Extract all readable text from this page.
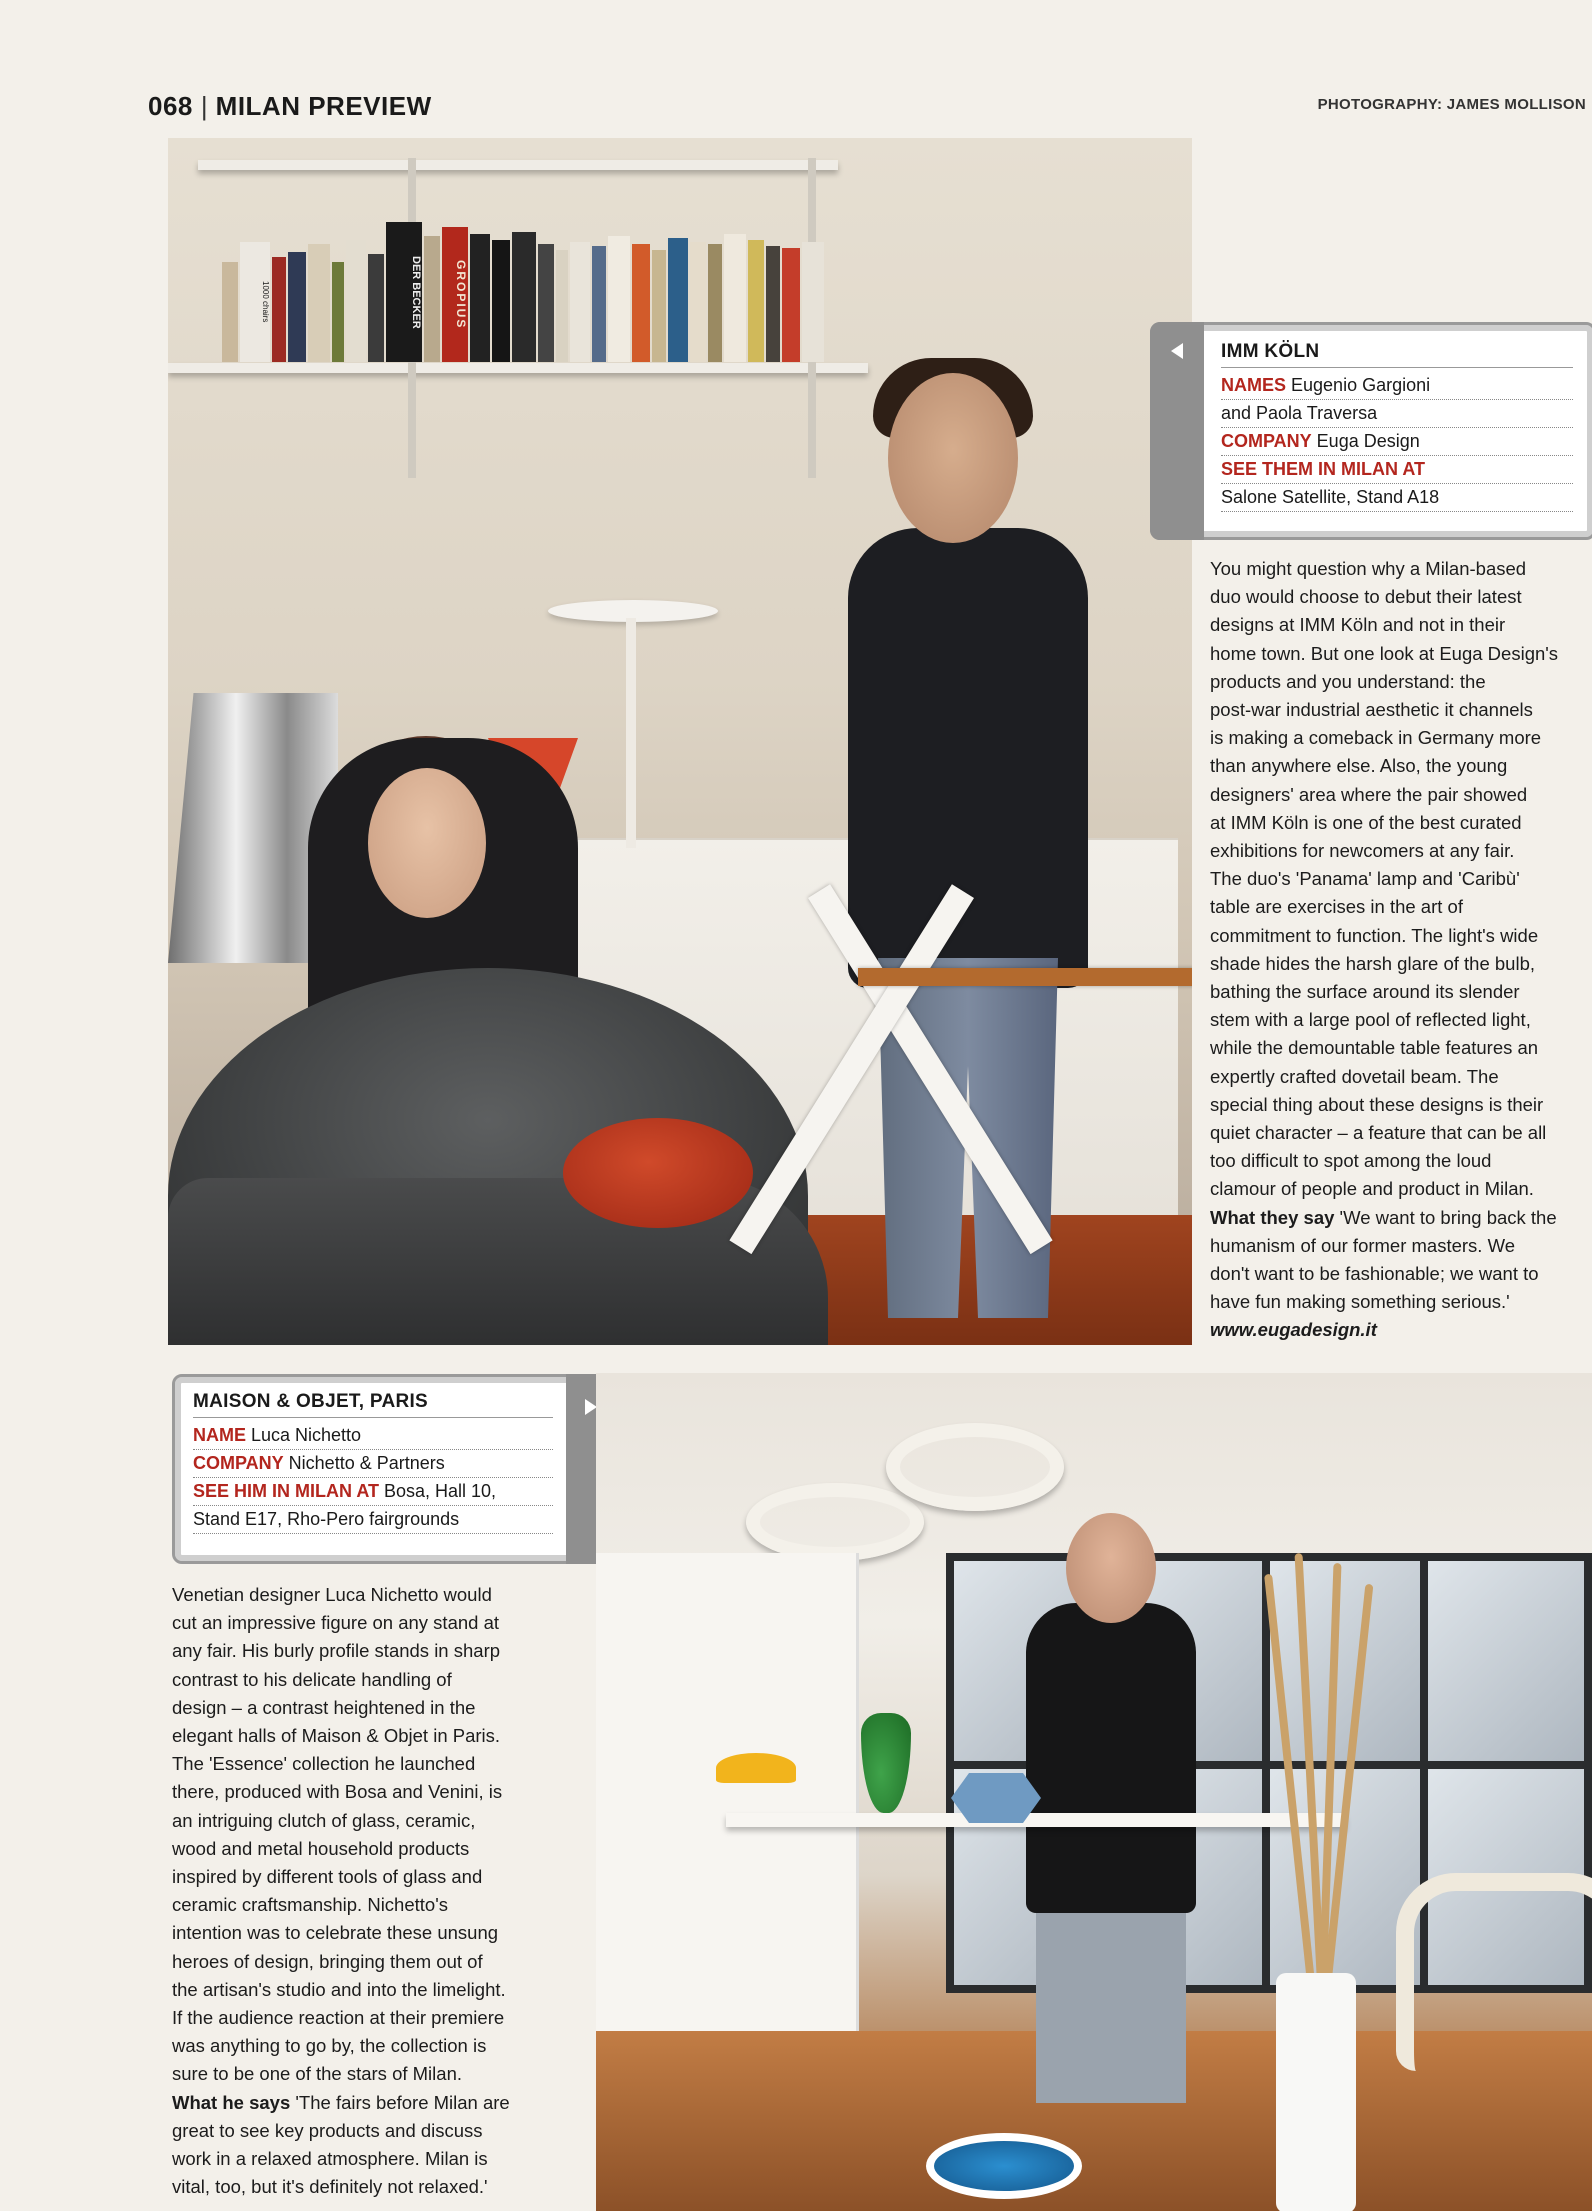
068 | MILAN PREVIEW	PHOTOGRAPHY: JAMES MOLLISON
1000 chairs	DER BECKER	GROPIUS
IMM KÖLN
NAMES Eugenio Gargioni
and Paola Traversa
COMPANY Euga Design
SEE THEM IN MILAN AT
Salone Satellite, Stand A18

You might question why a Milan-based

duo would choose to debut their latest

designs at IMM Köln and not in their

home town. But one look at Euga Design's

products and you understand: the

post-war industrial aesthetic it channels

is making a comeback in Germany more

than anywhere else. Also, the young

designers' area where the pair showed

at IMM Köln is one of the best curated

exhibitions for newcomers at any fair.

The duo's 'Panama' lamp and 'Caribù'

table are exercises in the art of

commitment to function. The light's wide

shade hides the harsh glare of the bulb,

bathing the surface around its slender

stem with a large pool of reflected light,

while the demountable table features an

expertly crafted dovetail beam. The

special thing about these designs is their

quiet character – a feature that can be all

too difficult to spot among the loud

clamour of people and product in Milan.

What they say 'We want to bring back the

humanism of our former masters. We

don't want to be fashionable; we want to

have fun making something serious.'

www.eugadesign.it

MAISON & OBJET, PARIS
NAME Luca Nichetto
COMPANY Nichetto & Partners
SEE HIM IN MILAN AT Bosa, Hall 10,
Stand E17, Rho-Pero fairgrounds

Venetian designer Luca Nichetto would

cut an impressive figure on any stand at

any fair. His burly profile stands in sharp

contrast to his delicate handling of

design – a contrast heightened in the

elegant halls of Maison & Objet in Paris.

The 'Essence' collection he launched

there, produced with Bosa and Venini, is

an intriguing clutch of glass, ceramic,

wood and metal household products

inspired by different tools of glass and

ceramic craftsmanship. Nichetto's

intention was to celebrate these unsung

heroes of design, bringing them out of

the artisan's studio and into the limelight.

If the audience reaction at their premiere

was anything to go by, the collection is

sure to be one of the stars of Milan.

What he says 'The fairs before Milan are

great to see key products and discuss

work in a relaxed atmosphere. Milan is

vital, too, but it's definitely not relaxed.'
